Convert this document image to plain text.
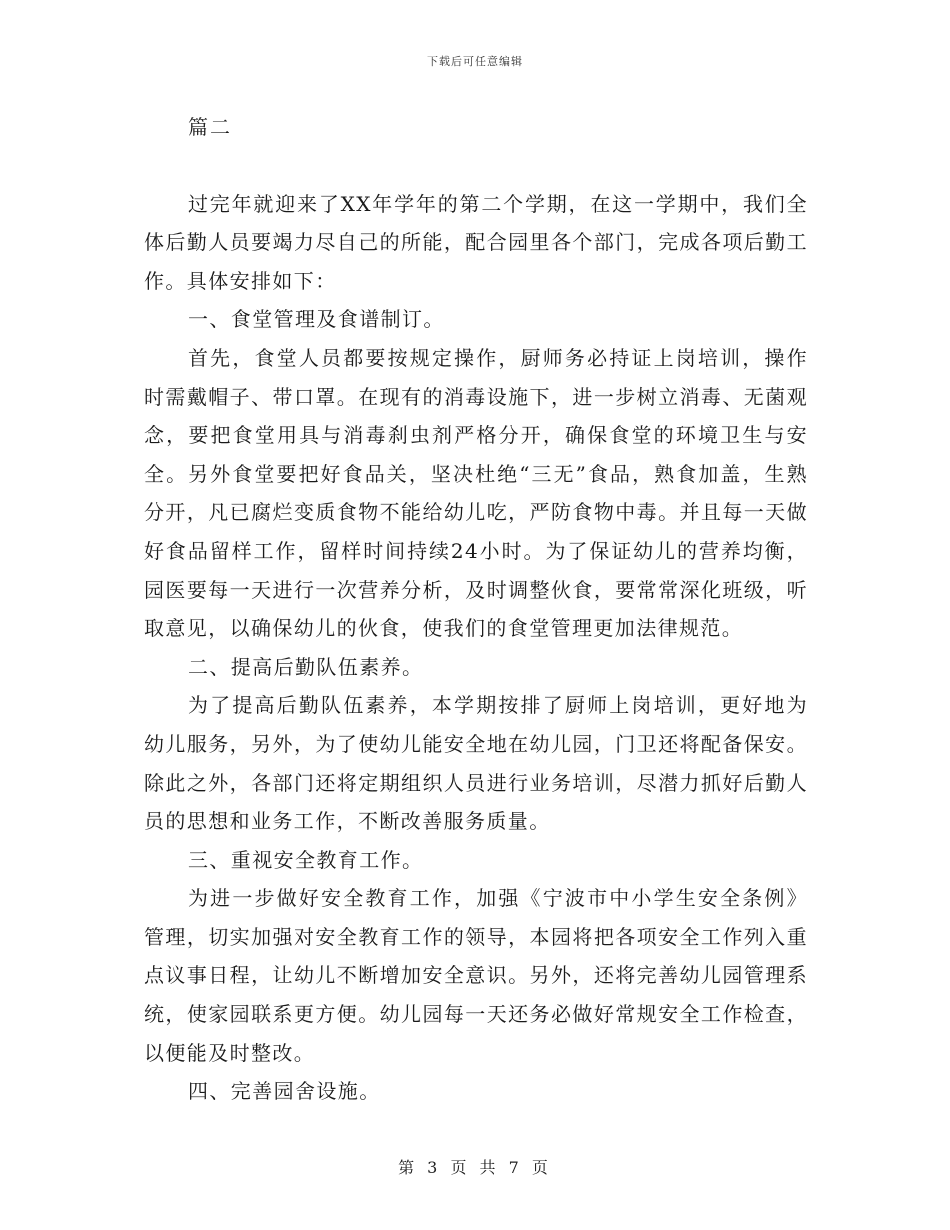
下载后可任意编辑

篇二

过完年就迎来了XX年学年的第二个学期，在这一学期中，我们全体后勤人员要竭力尽自己的所能，配合园里各个部门，完成各项后勤工作。具体安排如下：

一、食堂管理及食谱制订。

首先，食堂人员都要按规定操作，厨师务必持证上岗培训，操作时需戴帽子、带口罩。在现有的消毒设施下，进一步树立消毒、无菌观念，要把食堂用具与消毒刹虫剂严格分开，确保食堂的环境卫生与安全。另外食堂要把好食品关，坚决杜绝“三无”食品，熟食加盖，生熟分开，凡已腐烂变质食物不能给幼儿吃，严防食物中毒。并且每一天做好食品留样工作，留样时间持续24小时。为了保证幼儿的营养均衡，园医要每一天进行一次营养分析，及时调整伙食，要常常深化班级，听取意见，以确保幼儿的伙食，使我们的食堂管理更加法律规范。

二、提高后勤队伍素养。

为了提高后勤队伍素养，本学期按排了厨师上岗培训，更好地为幼儿服务，另外，为了使幼儿能安全地在幼儿园，门卫还将配备保安。除此之外，各部门还将定期组织人员进行业务培训，尽潜力抓好后勤人员的思想和业务工作，不断改善服务质量。

三、重视安全教育工作。

为进一步做好安全教育工作，加强《宁波市中小学生安全条例》管理，切实加强对安全教育工作的领导，本园将把各项安全工作列入重点议事日程，让幼儿不断增加安全意识。另外，还将完善幼儿园管理系统，使家园联系更方便。幼儿园每一天还务必做好常规安全工作检查，以便能及时整改。

四、完善园舍设施。

第 3 页 共 7 页
